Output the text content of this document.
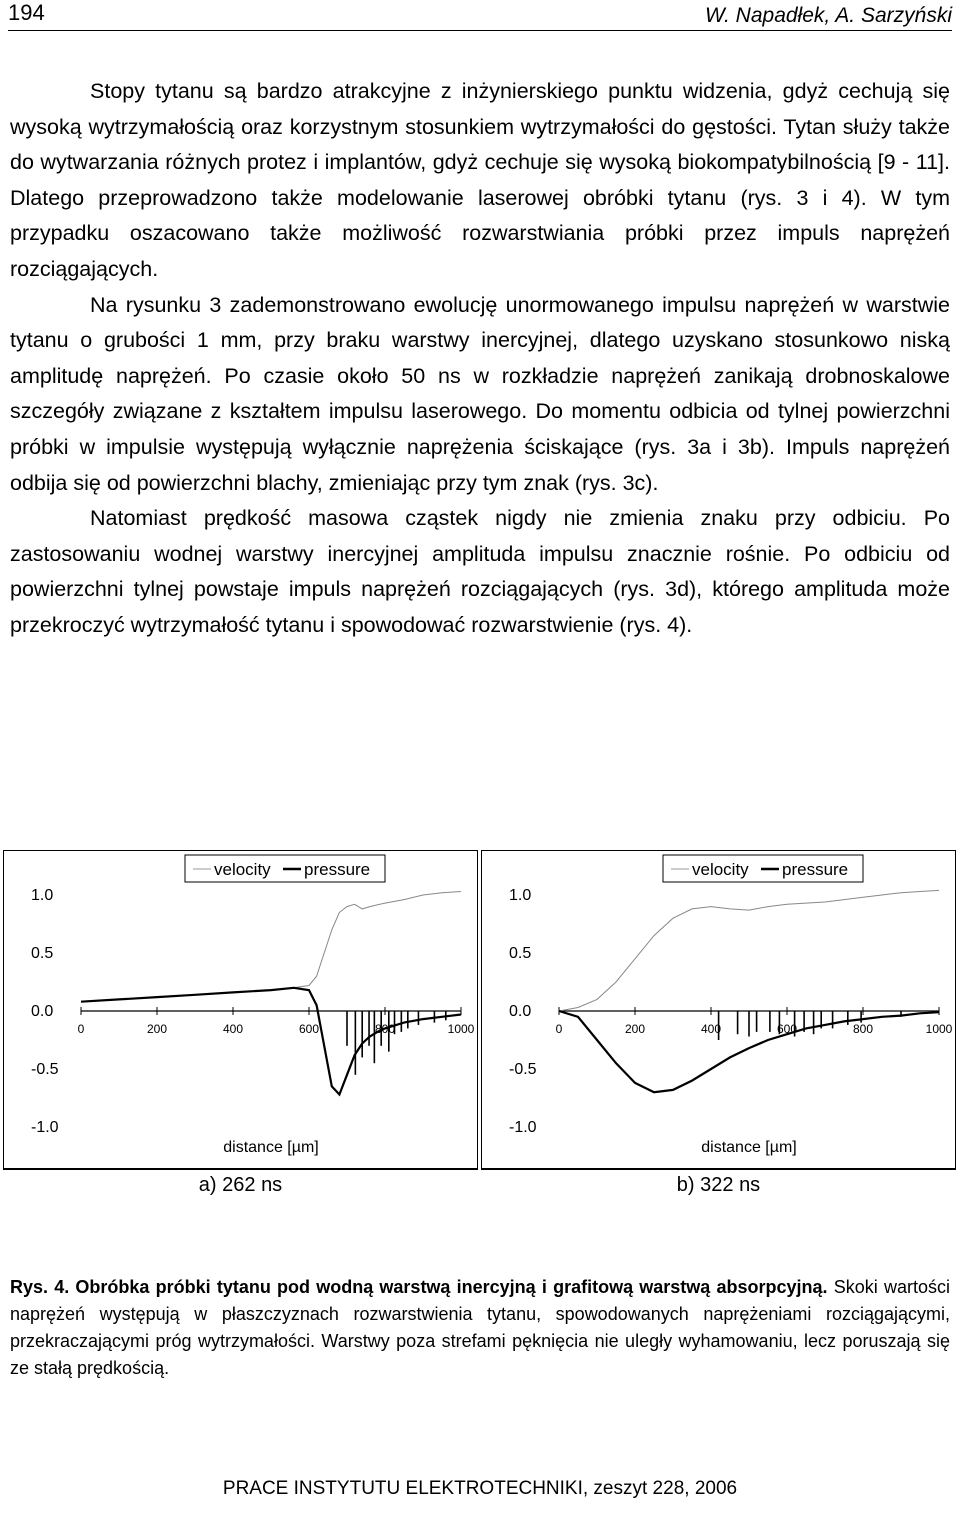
194	W. Napadłek, A. Sarzyński

Stopy tytanu są bardzo atrakcyjne z inżynierskiego punktu widzenia, gdyż cechują się wysoką wytrzymałością oraz korzystnym stosunkiem wytrzymałości do gęstości. Tytan służy także do wytwarzania różnych protez i implantów, gdyż cechuje się wysoką biokompatybilnością [9 - 11]. Dlatego przeprowadzono także modelowanie laserowej obróbki tytanu (rys. 3 i 4). W tym przypadku oszacowano także możliwość rozwarstwiania próbki przez impuls naprężeń rozciągających.

Na rysunku 3 zademonstrowano ewolucję unormowanego impulsu naprężeń w warstwie tytanu o grubości 1 mm, przy braku warstwy inercyjnej, dlatego uzyskano stosunkowo niską amplitudę naprężeń. Po czasie około 50 ns w rozkładzie naprężeń zanikają drobnoskalowe szczegóły związane z kształtem impulsu laserowego. Do momentu odbicia od tylnej powierzchni próbki w impulsie występują wyłącznie naprężenia ściskające (rys. 3a i 3b). Impuls naprężeń odbija się od powierzchni blachy, zmieniając przy tym znak (rys. 3c).

Natomiast prędkość masowa cząstek nigdy nie zmienia znaku przy odbiciu. Po zastosowaniu wodnej warstwy inercyjnej amplituda impulsu znacznie rośnie. Po odbiciu od powierzchni tylnej powstaje impuls naprężeń rozciągających (rys. 3d), którego amplituda może przekroczyć wytrzymałość tytanu i spowodować rozwarstwienie (rys. 4).

velocity pressure
1.0
0.5
0.0
-0.5
-1.0
0	200	400	600	800	1000
distance [µm]
a) 262 ns
velocity pressure
1.0
0.5
0.0
-0.5
-1.0
0	200	400	600	800	1000
distance [µm]
b) 322 ns
Rys. 4. Obróbka próbki tytanu pod wodną warstwą inercyjną i grafitową warstwą absorpcyjną. Skoki wartości naprężeń występują w płaszczyznach rozwarstwienia tytanu, spowodowanych naprężeniami rozciągającymi, przekraczającymi próg wytrzymałości. Warstwy poza strefami pęknięcia nie uległy wyhamowaniu, lecz poruszają się ze stałą prędkością.
PRACE INSTYTUTU ELEKTROTECHNIKI, zeszyt 228, 2006
